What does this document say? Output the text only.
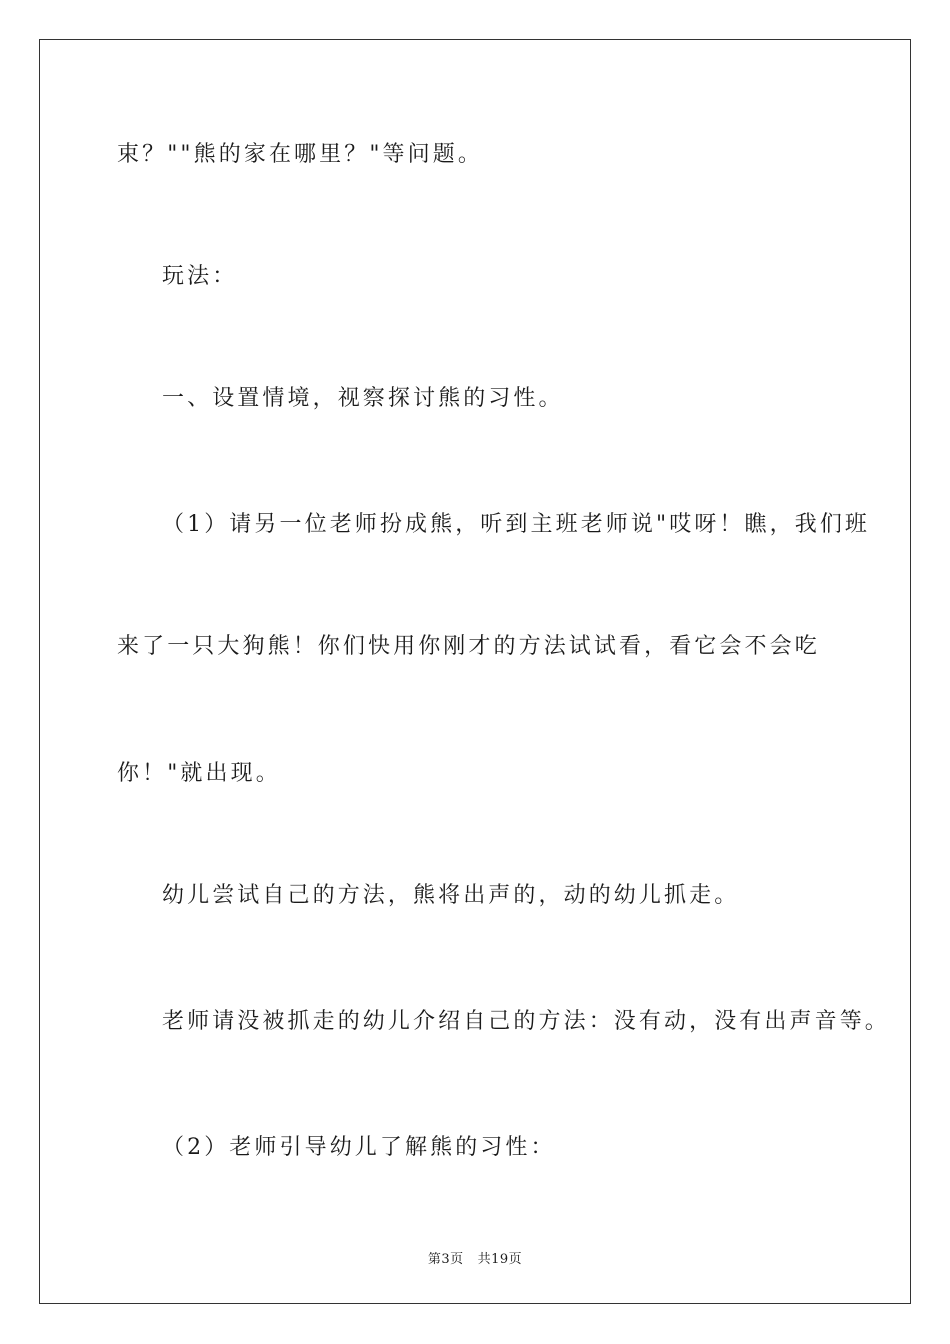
束？""熊的家在哪里？"等问题。
玩法：
一、设置情境，视察探讨熊的习性。
（1）请另一位老师扮成熊，听到主班老师说"哎呀！瞧，我们班
来了一只大狗熊！你们快用你刚才的方法试试看，看它会不会吃
你！"就出现。
幼儿尝试自己的方法，熊将出声的，动的幼儿抓走。
老师请没被抓走的幼儿介绍自己的方法：没有动，没有出声音等。
（2）老师引导幼儿了解熊的习性：
第3页 共19页
